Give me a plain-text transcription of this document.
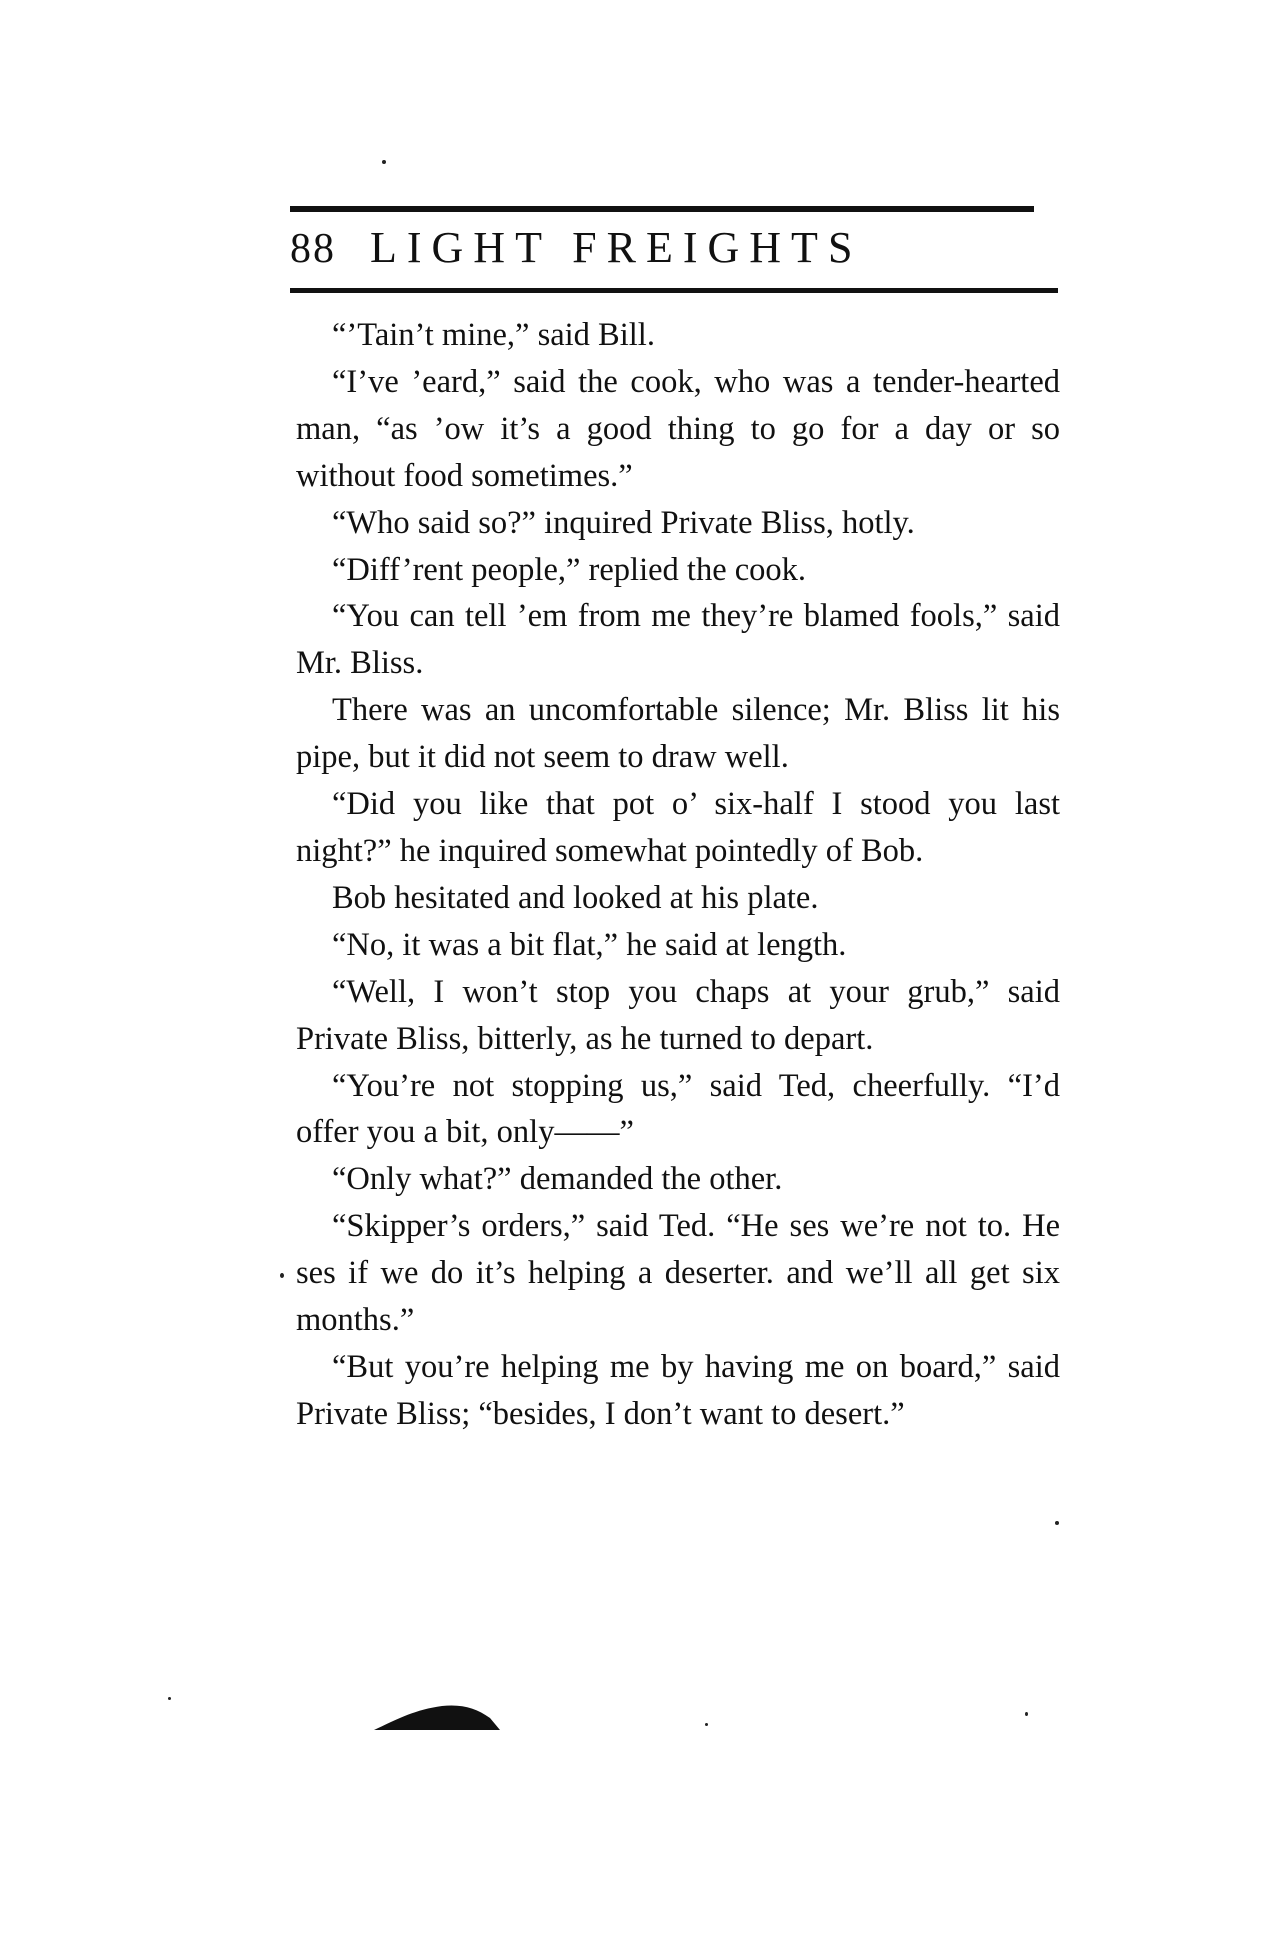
88 LIGHT FREIGHTS

“’Tain’t mine,” said Bill.

“I’ve ’eard,” said the cook, who was a tender-hearted man, “as ’ow it’s a good thing to go for a day or so without food sometimes.”

“Who said so?” inquired Private Bliss, hotly.

“Diff’rent people,” replied the cook.

“You can tell ’em from me they’re blamed fools,” said Mr. Bliss.

There was an uncomfortable silence; Mr. Bliss lit his pipe, but it did not seem to draw well.

“Did you like that pot o’ six-half I stood you last night?” he inquired somewhat pointedly of Bob.

Bob hesitated and looked at his plate.

“No, it was a bit flat,” he said at length.

“Well, I won’t stop you chaps at your grub,” said Private Bliss, bitterly, as he turned to depart.

“You’re not stopping us,” said Ted, cheerfully. “I’d offer you a bit, only——”

“Only what?” demanded the other.

“Skipper’s orders,” said Ted. “He ses we’re not to. He ses if we do it’s helping a deserter. and we’ll all get six months.”

“But you’re helping me by having me on board,” said Private Bliss; “besides, I don’t want to desert.”
